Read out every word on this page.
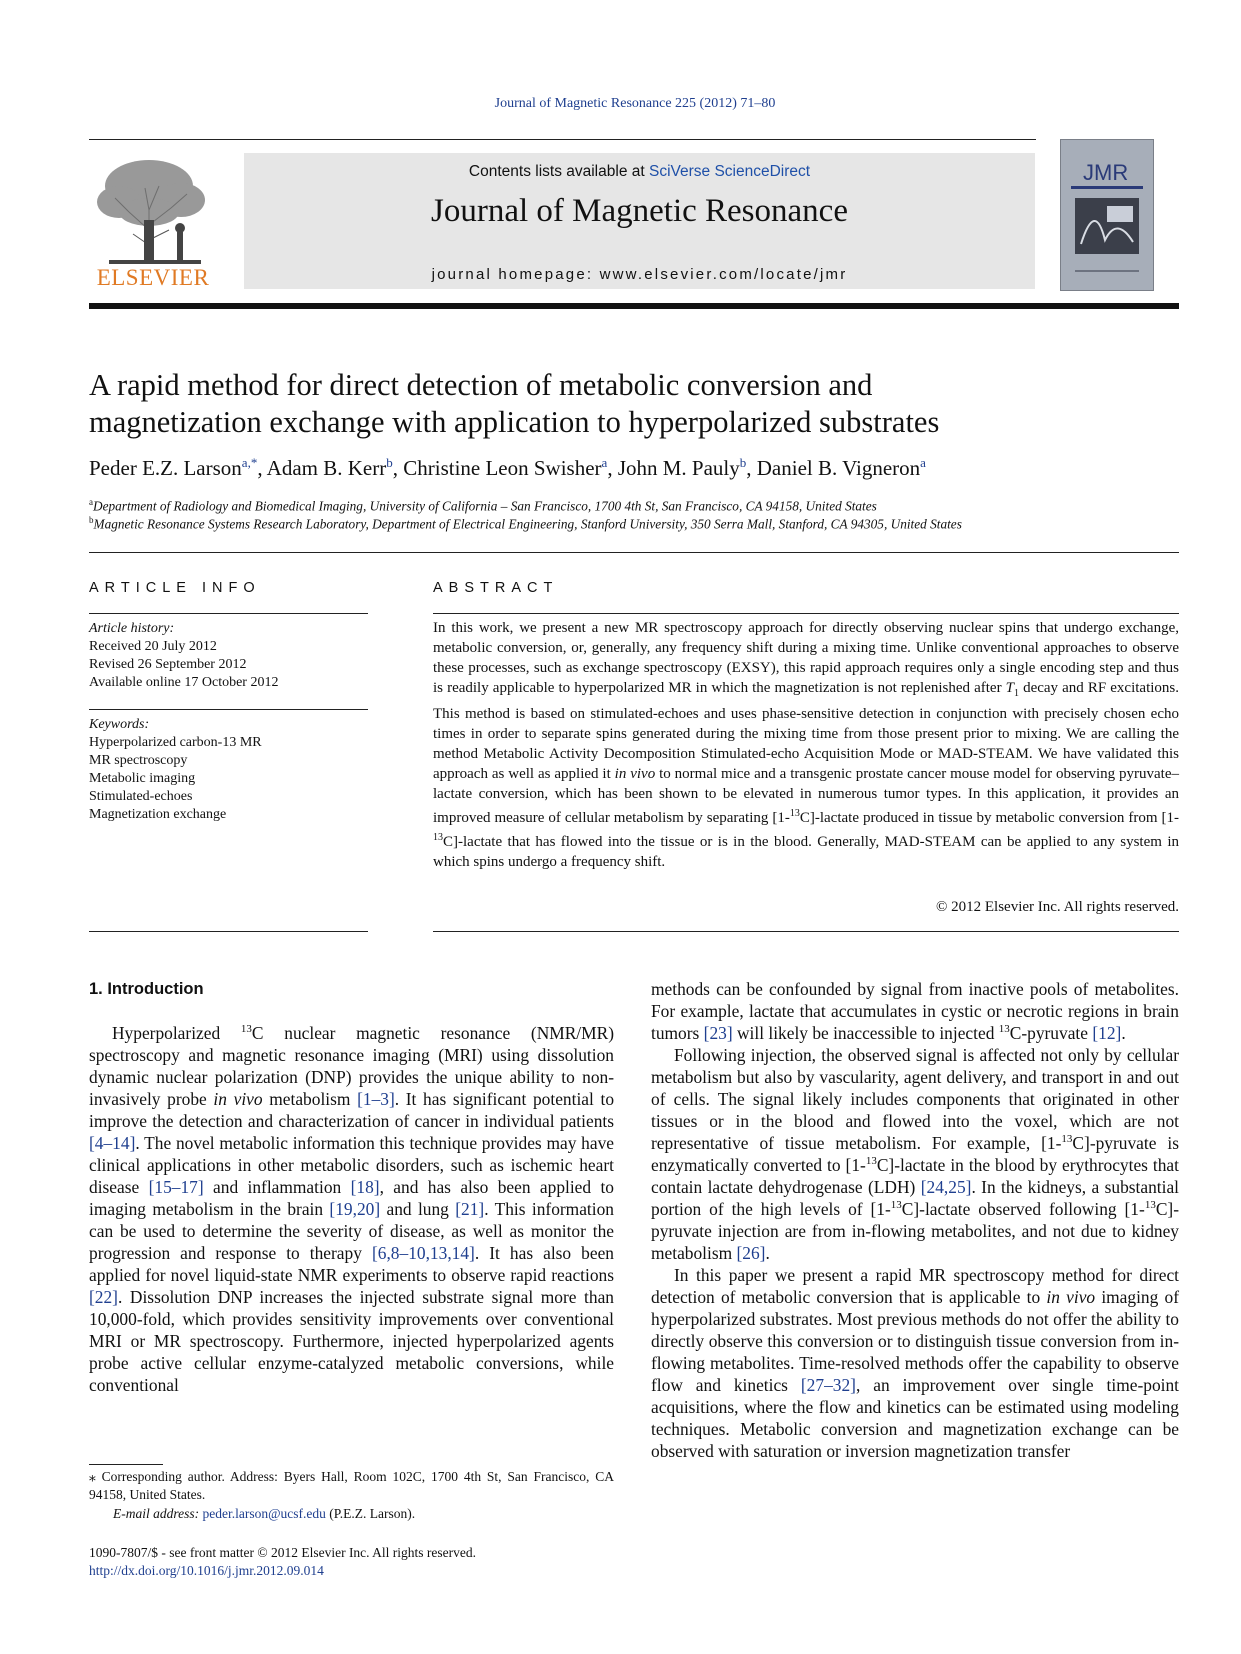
Journal of Magnetic Resonance 225 (2012) 71–80
ELSEVIER
Contents lists available at SciVerse ScienceDirect
Journal of Magnetic Resonance
journal homepage: www.elsevier.com/locate/jmr
JMR
A rapid method for direct detection of metabolic conversion and
magnetization exchange with application to hyperpolarized substrates
Peder E.Z. Larson$^{a,*}$, Adam B. Kerr$^b$, Christine Leon Swisher$^a$, John M. Pauly$^b$, Daniel B. Vigneron$^a$
$^a$Department of Radiology and Biomedical Imaging, University of California – San Francisco, 1700 4th St, San Francisco, CA 94158, United States
$^b$Magnetic Resonance Systems Research Laboratory, Department of Electrical Engineering, Stanford University, 350 Serra Mall, Stanford, CA 94305, United States
ARTICLE INFO
Article history:
Received 20 July 2012
Revised 26 September 2012
Available online 17 October 2012
Keywords:
Hyperpolarized carbon-13 MR
MR spectroscopy
Metabolic imaging
Stimulated-echoes
Magnetization exchange
ABSTRACT
In this work, we present a new MR spectroscopy approach for directly observing nuclear spins that undergo exchange, metabolic conversion, or, generally, any frequency shift during a mixing time. Unlike conventional approaches to observe these processes, such as exchange spectroscopy (EXSY), this rapid approach requires only a single encoding step and thus is readily applicable to hyperpolarized MR in which the magnetization is not replenished after $T_1$ decay and RF excitations. This method is based on stimulated-echoes and uses phase-sensitive detection in conjunction with precisely chosen echo times in order to separate spins generated during the mixing time from those present prior to mixing. We are calling the method Metabolic Activity Decomposition Stimulated-echo Acquisition Mode or MAD-STEAM. We have validated this approach as well as applied it in vivo to normal mice and a transgenic prostate cancer mouse model for observing pyruvate–lactate conversion, which has been shown to be elevated in numerous tumor types. In this application, it provides an improved measure of cellular metabolism by separating [1-$^{13}$C]-lactate produced in tissue by metabolic conversion from [1-$^{13}$C]-lactate that has flowed into the tissue or is in the blood. Generally, MAD-STEAM can be applied to any system in which spins undergo a frequency shift.
© 2012 Elsevier Inc. All rights reserved.
1. Introduction

Hyperpolarized $^{13}$C nuclear magnetic resonance (NMR/MR) spectroscopy and magnetic resonance imaging (MRI) using dissolution dynamic nuclear polarization (DNP) provides the unique ability to non-invasively probe in vivo metabolism [1–3]. It has significant potential to improve the detection and characterization of cancer in individual patients [4–14]. The novel metabolic information this technique provides may have clinical applications in other metabolic disorders, such as ischemic heart disease [15–17] and inflammation [18], and has also been applied to imaging metabolism in the brain [19,20] and lung [21]. This information can be used to determine the severity of disease, as well as monitor the progression and response to therapy [6,8–10,13,14]. It has also been applied for novel liquid-state NMR experiments to observe rapid reactions [22]. Dissolution DNP increases the injected substrate signal more than 10,000-fold, which provides sensitivity improvements over conventional MRI or MR spectroscopy. Furthermore, injected hyperpolarized agents probe active cellular enzyme-catalyzed metabolic conversions, while conventional

methods can be confounded by signal from inactive pools of metabolites. For example, lactate that accumulates in cystic or necrotic regions in brain tumors [23] will likely be inaccessible to injected $^{13}$C-pyruvate [12].

Following injection, the observed signal is affected not only by cellular metabolism but also by vascularity, agent delivery, and transport in and out of cells. The signal likely includes components that originated in other tissues or in the blood and flowed into the voxel, which are not representative of tissue metabolism. For example, [1-$^{13}$C]-pyruvate is enzymatically converted to [1-$^{13}$C]-lactate in the blood by erythrocytes that contain lactate dehydrogenase (LDH) [24,25]. In the kidneys, a substantial portion of the high levels of [1-$^{13}$C]-lactate observed following [1-$^{13}$C]-pyruvate injection are from in-flowing metabolites, and not due to kidney metabolism [26].

In this paper we present a rapid MR spectroscopy method for direct detection of metabolic conversion that is applicable to in vivo imaging of hyperpolarized substrates. Most previous methods do not offer the ability to directly observe this conversion or to distinguish tissue conversion from in-flowing metabolites. Time-resolved methods offer the capability to observe flow and kinetics [27–32], an improvement over single time-point acquisitions, where the flow and kinetics can be estimated using modeling techniques. Metabolic conversion and magnetization exchange can be observed with saturation or inversion magnetization transfer

⁎ Corresponding author. Address: Byers Hall, Room 102C, 1700 4th St, San Francisco, CA 94158, United States.
E-mail address: peder.larson@ucsf.edu (P.E.Z. Larson).
1090-7807/$ - see front matter © 2012 Elsevier Inc. All rights reserved.
http://dx.doi.org/10.1016/j.jmr.2012.09.014
